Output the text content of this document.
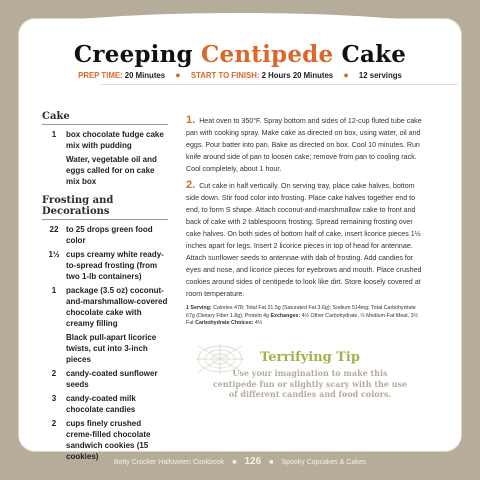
Creeping Centipede Cake
PREP TIME: 20 Minutes ● START TO FINISH: 2 Hours 20 Minutes ● 12 servings
Cake
1	box chocolate fudge cake mix with pudding
Water, vegetable oil and eggs called for on cake mix box
Frosting and Decorations
22 to 25 drops green food color
1½ cups creamy white ready-to-spread frosting (from two 1-lb containers)
1	package (3.5 oz) coconut-and-marshmallow-covered chocolate cake with creamy filling
Black pull-apart licorice twists, cut into 3-inch pieces
2	candy-coated sunflower seeds
3	candy-coated milk chocolate candies
2	cups finely crushed creme-filled chocolate sandwich cookies (15 cookies)

1. Heat oven to 350°F. Spray bottom and sides of 12-cup fluted tube cake pan with cooking spray. Make cake as directed on box, using water, oil and eggs. Pour batter into pan. Bake as directed on box. Cool 10 minutes. Run knife around side of pan to loosen cake; remove from pan to cooling rack. Cool completely, about 1 hour.

2. Cut cake in half vertically. On serving tray, place cake halves, bottom side down. Stir food color into frosting. Place cake halves together end to end, to form S shape. Attach coconut-and-marshmallow cake to front and back of cake with 2 tablespoons frosting. Spread remaining frosting over cake halves. On both sides of bottom half of cake, insert licorice pieces 1½ inches apart for legs. Insert 2 licorice pieces in top of head for antennae. Attach sunflower seeds to antennae with dab of frosting. Add candies for eyes and nose, and licorice pieces for eyebrows and mouth. Place crushed cookies around sides of centipede to look like dirt. Store loosely covered at room temperature.

1 Serving: Calories 478; Total Fat 21.5g (Saturated Fat 3.6g); Sodium 514mg; Total Carbohydrate 67g (Dietary Fiber 1.8g); Protein 4g Exchanges: 4½ Other Carbohydrate, ½ Medium-Fat Meat, 3½ Fat Carbohydrate Choices: 4½
Terrifying Tip

Use your imagination to make this centipede fun or slightly scary with the use of different candies and food colors.

Betty Crocker Halloween Cookbook ■ 126 ■ Spooky Cupcakes & Cakes
